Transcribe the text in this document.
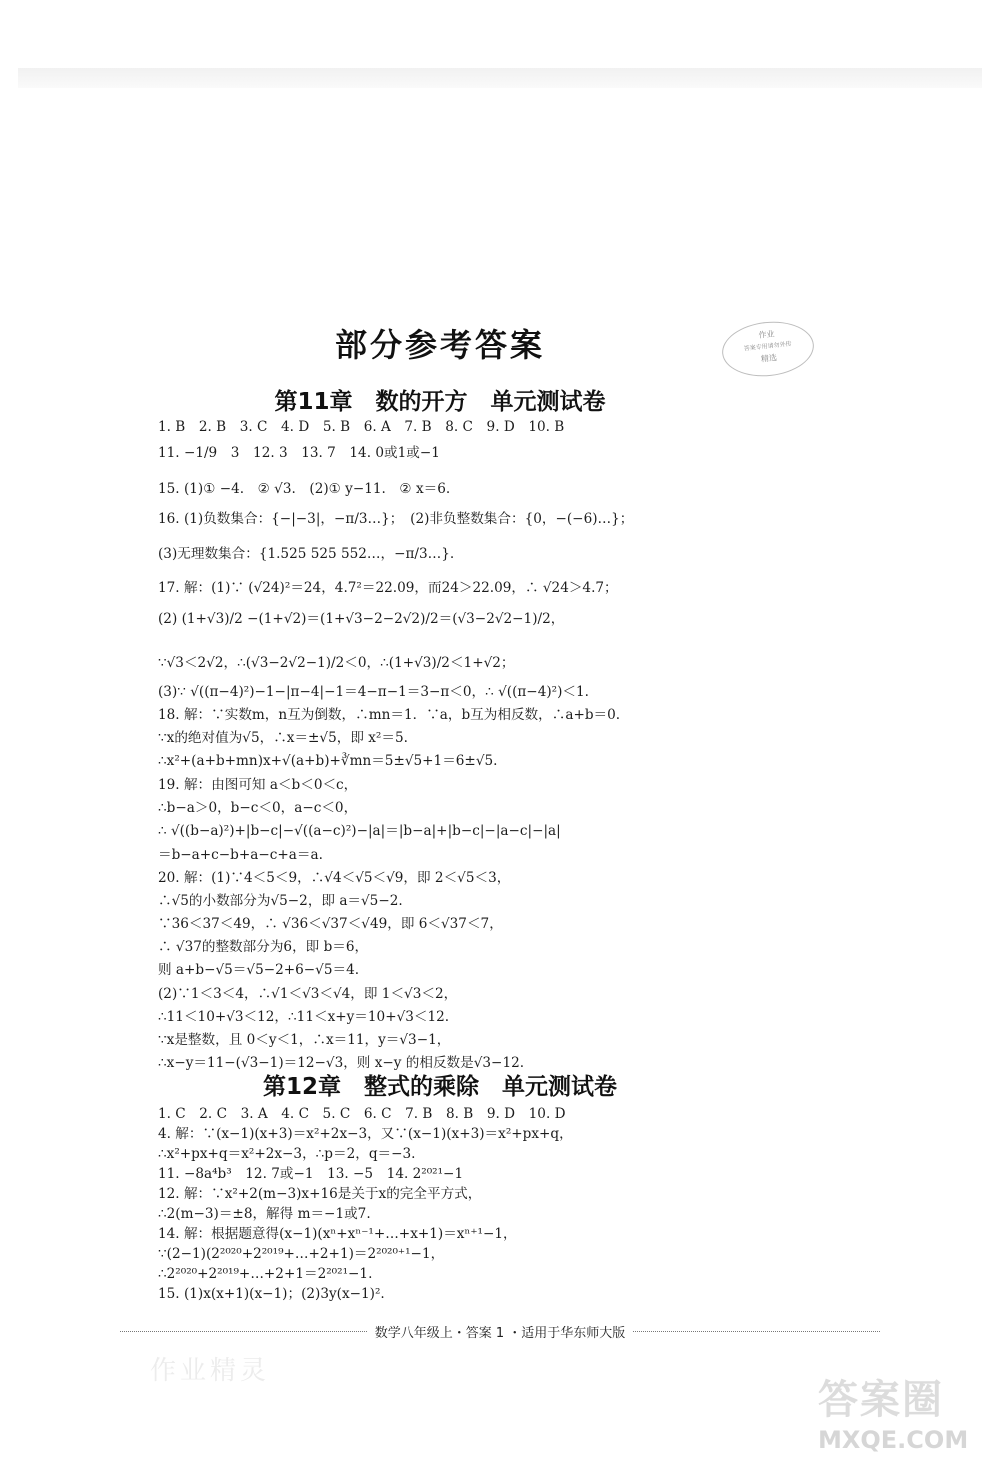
作业
答案专用请勿外传
精选
部分参考答案
第11章　数的开方　单元测试卷
1. B　2. B　3. C　4. D　5. B　6. A　7. B　8. C　9. D　10. B
11. −1/9　3　12. 3　13. 7　14. 0或1或−1
15. (1)① −4.　② √3.　(2)① y−11.　② x＝6.
16. (1)负数集合：{−|−3|，−π/3…}；　(2)非负整数集合：{0，−(−6)…}；
(3)无理数集合：{1.525 525 552…，−π/3…}.
17. 解：(1)∵ (√24)²＝24，4.7²＝22.09，而24＞22.09，∴ √24＞4.7；
(2) (1+√3)/2 −(1+√2)＝(1+√3−2−2√2)/2＝(√3−2√2−1)/2，
∵√3＜2√2，∴(√3−2√2−1)/2＜0，∴(1+√3)/2＜1+√2；
(3)∵ √((π−4)²)−1−|π−4|−1＝4−π−1＝3−π＜0，∴ √((π−4)²)＜1.
18. 解：∵实数m，n互为倒数，∴mn＝1．∵a，b互为相反数，∴a+b＝0.
∵x的绝对值为√5，∴x＝±√5，即 x²＝5.
∴x²+(a+b+mn)x+√(a+b)+∛mn＝5±√5+1＝6±√5.
19. 解：由图可知 a＜b＜0＜c，
∴b−a＞0，b−c＜0，a−c＜0，
∴ √((b−a)²)+|b−c|−√((a−c)²)−|a|＝|b−a|+|b−c|−|a−c|−|a|
＝b−a+c−b+a−c+a＝a.
20. 解：(1)∵4＜5＜9，∴√4＜√5＜√9，即 2＜√5＜3，
∴√5的小数部分为√5−2，即 a＝√5−2.
∵36＜37＜49，∴ √36＜√37＜√49，即 6＜√37＜7，
∴ √37的整数部分为6，即 b＝6，
则 a+b−√5＝√5−2+6−√5＝4.
(2)∵1＜3＜4，∴√1＜√3＜√4，即 1＜√3＜2，
∴11＜10+√3＜12，∴11＜x+y＝10+√3＜12.
∵x是整数，且 0＜y＜1，∴x＝11，y＝√3−1，
∴x−y＝11−(√3−1)＝12−√3，则 x−y 的相反数是√3−12.
第12章　整式的乘除　单元测试卷
1. C　2. C　3. A　4. C　5. C　6. C　7. B　8. B　9. D　10. D
4. 解：∵(x−1)(x+3)＝x²+2x−3，又∵(x−1)(x+3)＝x²+px+q，
∴x²+px+q＝x²+2x−3，∴p＝2，q＝−3.
11. −8a⁴b³　12. 7或−1　13. −5　14. 2²⁰²¹−1
12. 解：∵x²+2(m−3)x+16是关于x的完全平方式，
∴2(m−3)＝±8，解得 m＝−1或7.
14. 解：根据题意得(x−1)(xⁿ+xⁿ⁻¹+…+x+1)＝xⁿ⁺¹−1，
∵(2−1)(2²⁰²⁰+2²⁰¹⁹+…+2+1)＝2²⁰²⁰⁺¹−1，
∴2²⁰²⁰+2²⁰¹⁹+…+2+1＝2²⁰²¹−1.
15. (1)x(x+1)(x−1)；(2)3y(x−1)².
数学八年级上・答案 1 ・适用于华东师大版
作业精灵
答案圈
MXQE.COM
